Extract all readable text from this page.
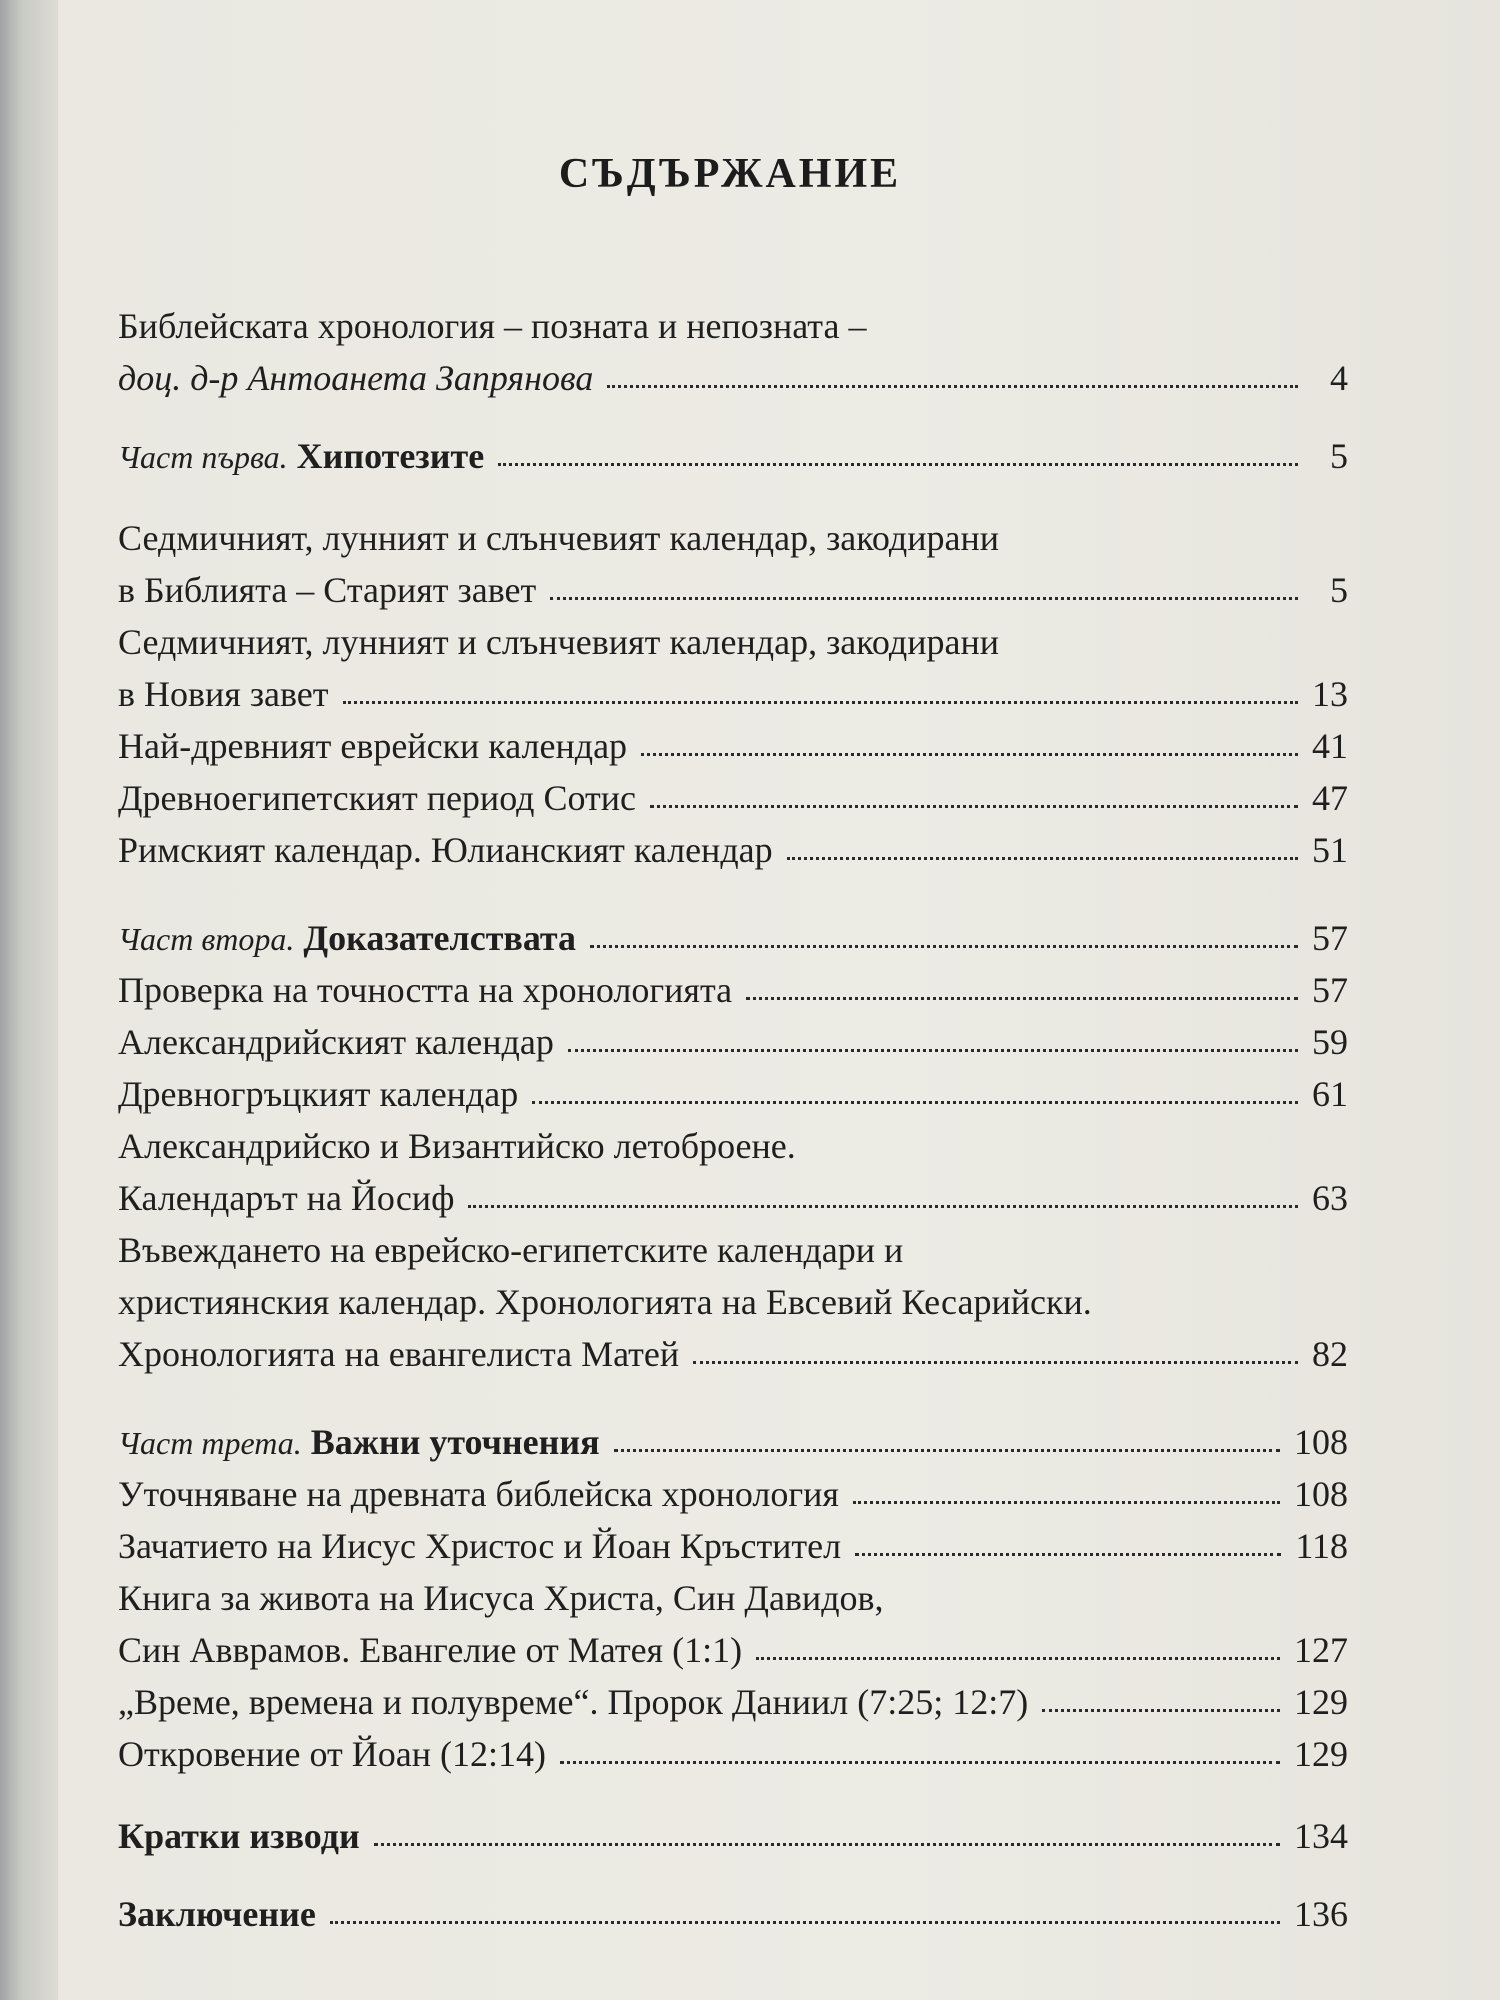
СЪДЪРЖАНИЕ
Библейската хронология – позната и непозната –
доц. д-р Антоанета Запрянова	4
Част първа. Хипотезите	5
Седмичният, лунният и слънчевият календар, закодирани
в Библията – Старият завет	5
Седмичният, лунният и слънчевият календар, закодирани
в Новия завет	13
Най-древният еврейски календар	41
Древноегипетският период Сотис	47
Римският календар. Юлианският календар	51
Част втора. Доказателствата	57
Проверка на точността на хронологията	57
Александрийският календар	59
Древногръцкият календар	61
Александрийско и Византийско летоброене.
Календарът на Йосиф	63
Въвеждането на еврейско-египетските календари и
християнския календар. Хронологията на Евсевий Кесарийски.
Хронологията на евангелиста Матей	82
Част трета. Важни уточнения	108
Уточняване на древната библейска хронология	108
Зачатието на Иисус Христос и Йоан Кръстител	118
Книга за живота на Иисуса Христа, Син Давидов,
Син Авврамов. Евангелие от Матея (1:1)	127
„Време, времена и полувреме“. Пророк Даниил (7:25; 12:7)	129
Откровение от Йоан (12:14)	129
Кратки изводи	134
Заключение	136
